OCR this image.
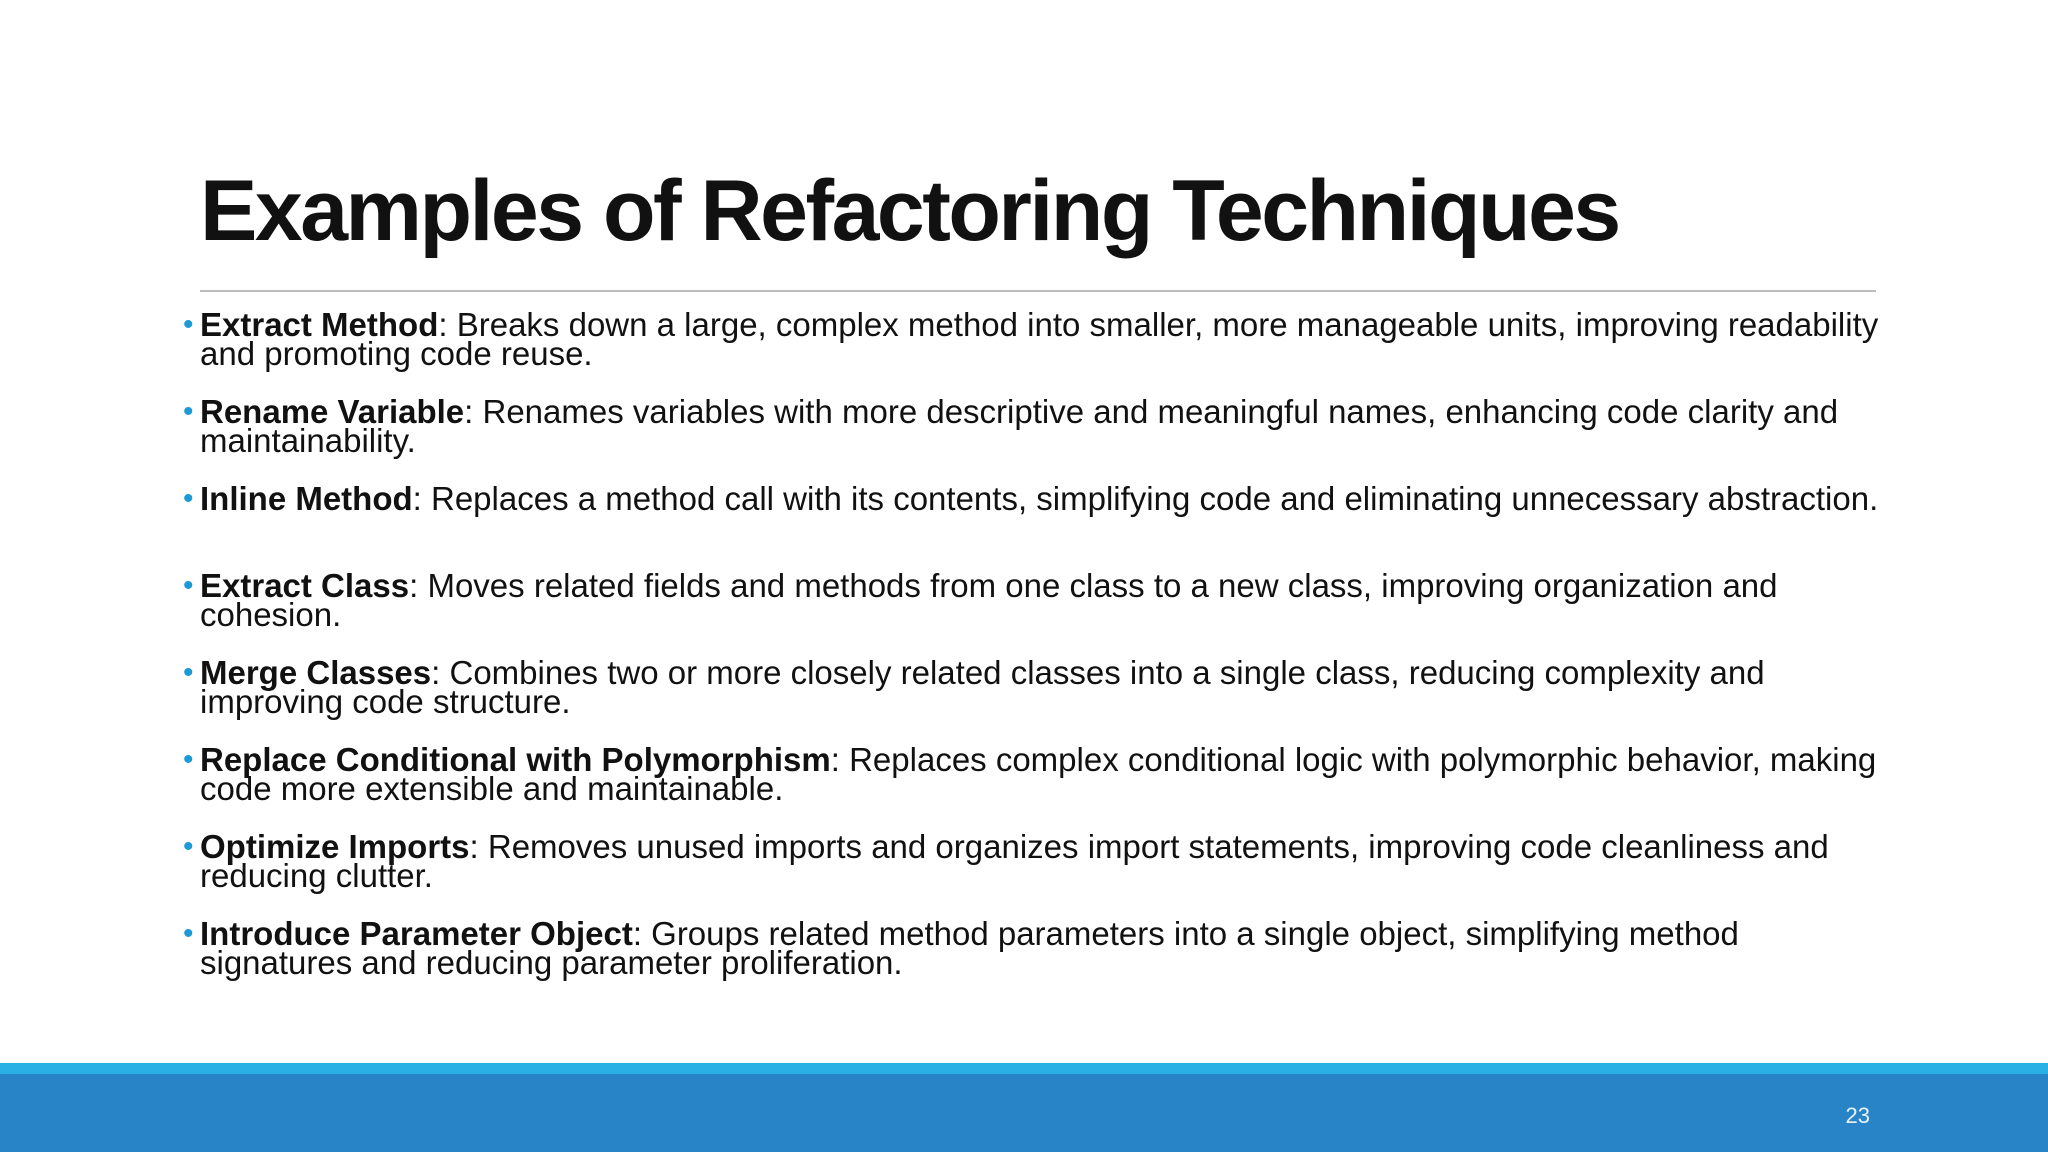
Examples of Refactoring Techniques
• Extract Method: Breaks down a large, complex method into smaller, more manageable units, improving readability and promoting code reuse.
• Rename Variable: Renames variables with more descriptive and meaningful names, enhancing code clarity and maintainability.
• Inline Method: Replaces a method call with its contents, simplifying code and eliminating unnecessary abstraction.
• Extract Class: Moves related fields and methods from one class to a new class, improving organization and cohesion.
• Merge Classes: Combines two or more closely related classes into a single class, reducing complexity and improving code structure.
• Replace Conditional with Polymorphism: Replaces complex conditional logic with polymorphic behavior, making code more extensible and maintainable.
• Optimize Imports: Removes unused imports and organizes import statements, improving code cleanliness and reducing clutter.
• Introduce Parameter Object: Groups related method parameters into a single object, simplifying method signatures and reducing parameter proliferation.
23
